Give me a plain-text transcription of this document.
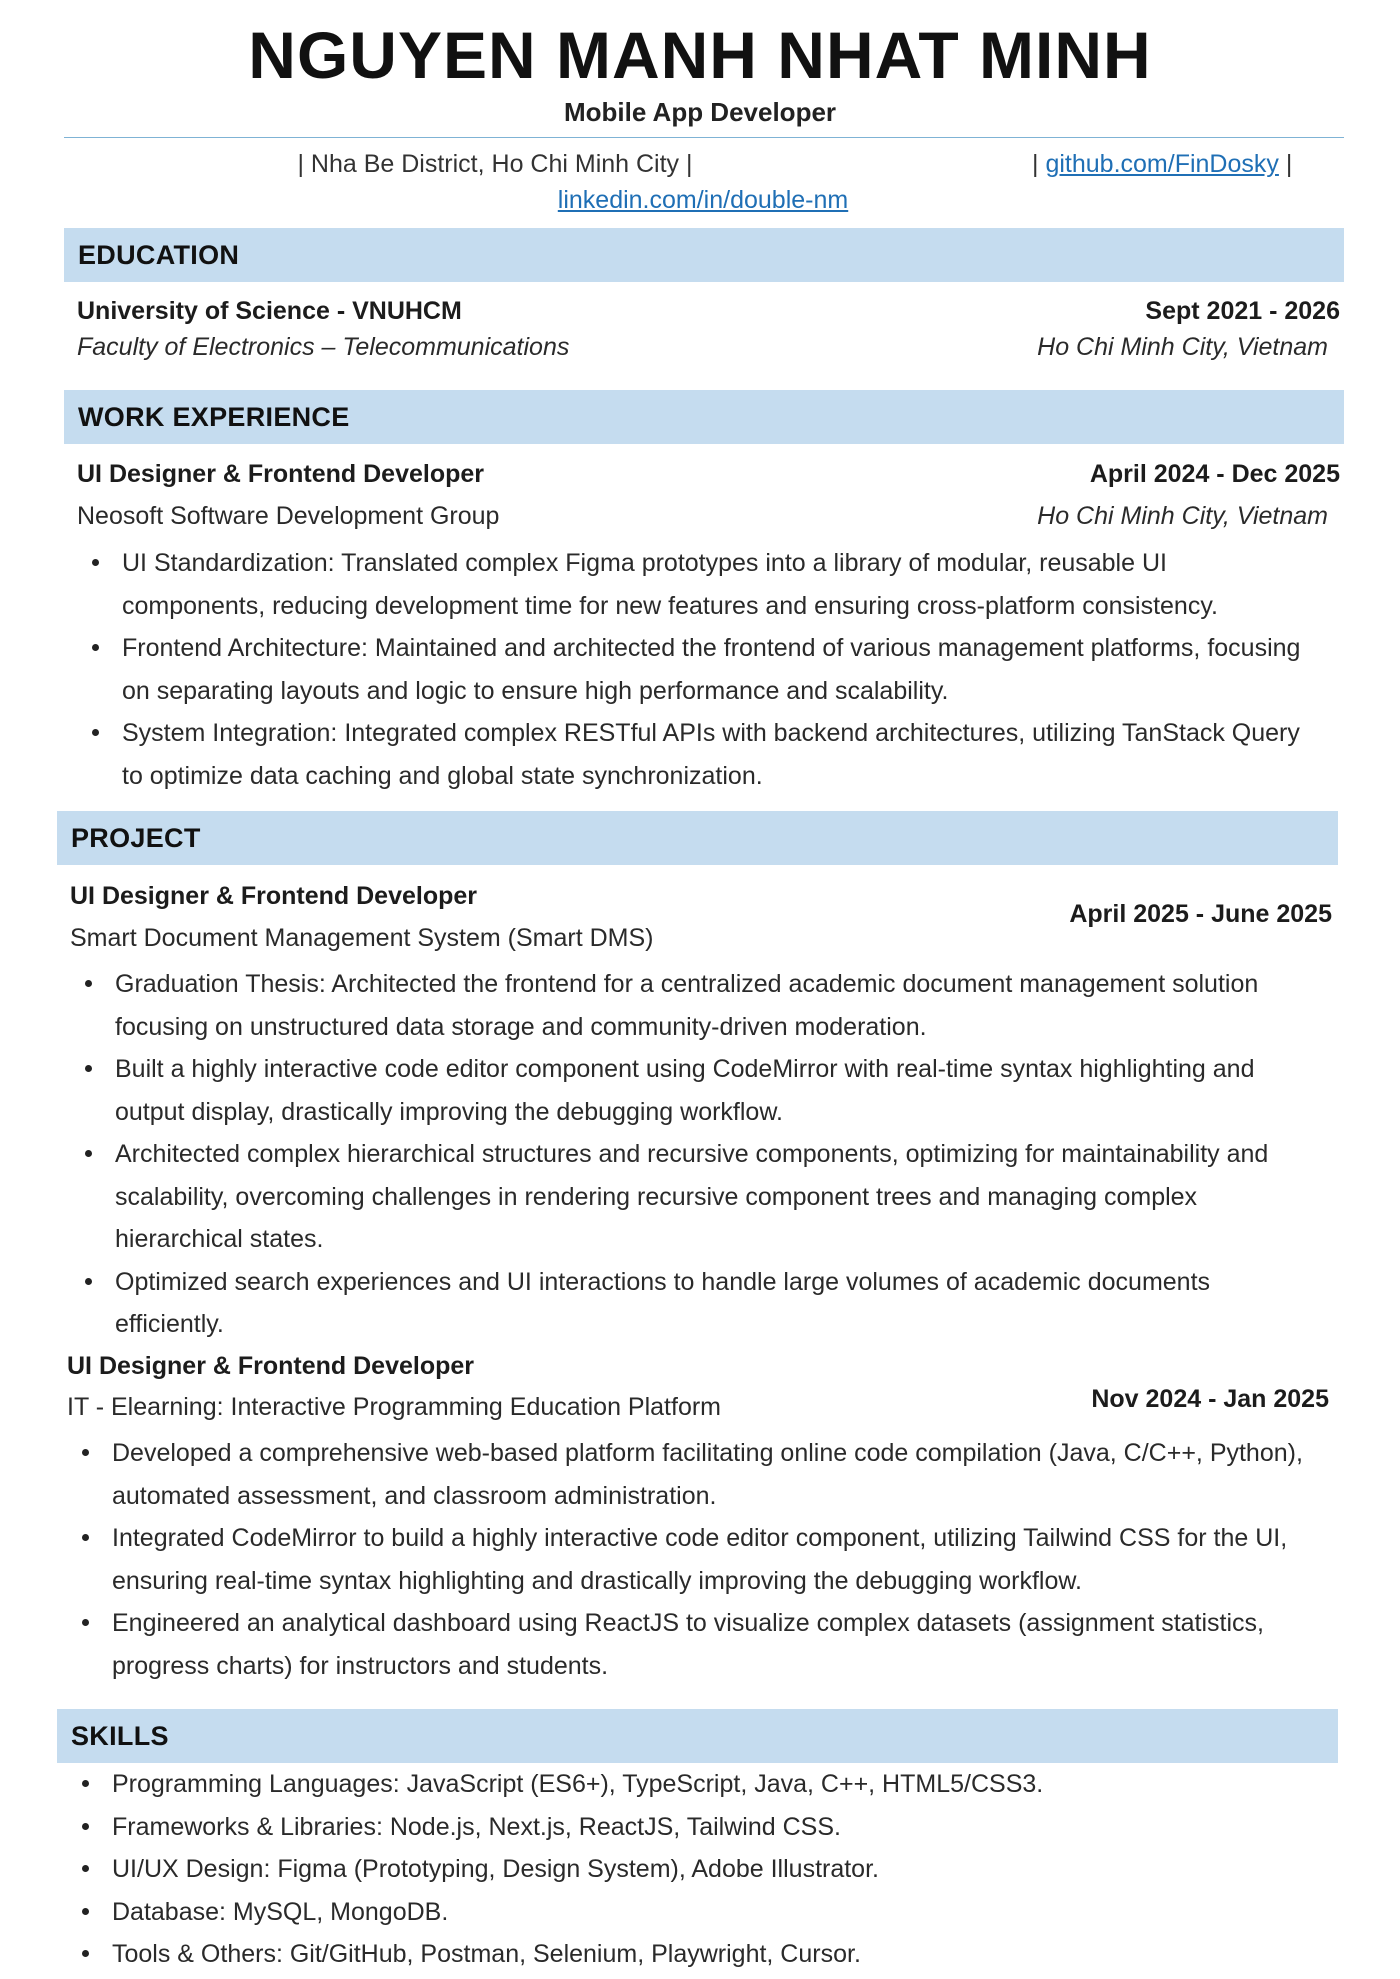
NGUYEN MANH NHAT MINH
Mobile App Developer
| Nha Be District, Ho Chi Minh City |	| github.com/FinDosky |
linkedin.com/in/double-nm
EDUCATION
University of Science - VNUHCM	Sept 2021 - 2026
Faculty of Electronics – Telecommunications	Ho Chi Minh City, Vietnam
WORK EXPERIENCE
UI Designer & Frontend Developer	April 2024 - Dec 2025
Neosoft Software Development Group	Ho Chi Minh City, Vietnam
UI Standardization: Translated complex Figma prototypes into a library of modular, reusable UI components, reducing development time for new features and ensuring cross-platform consistency.
Frontend Architecture: Maintained and architected the frontend of various management platforms, focusing on separating layouts and logic to ensure high performance and scalability.
System Integration: Integrated complex RESTful APIs with backend architectures, utilizing TanStack Query to optimize data caching and global state synchronization.
PROJECT
UI Designer & Frontend Developer
April 2025 - June 2025
Smart Document Management System (Smart DMS)
Graduation Thesis: Architected the frontend for a centralized academic document management solution focusing on unstructured data storage and community-driven moderation.
Built a highly interactive code editor component using CodeMirror with real-time syntax highlighting and output display, drastically improving the debugging workflow.
Architected complex hierarchical structures and recursive components, optimizing for maintainability and scalability, overcoming challenges in rendering recursive component trees and managing complex hierarchical states.
Optimized search experiences and UI interactions to handle large volumes of academic documents efficiently.
UI Designer & Frontend Developer
Nov 2024 - Jan 2025
IT - Elearning: Interactive Programming Education Platform
Developed a comprehensive web-based platform facilitating online code compilation (Java, C/C++, Python), automated assessment, and classroom administration.
Integrated CodeMirror to build a highly interactive code editor component, utilizing Tailwind CSS for the UI, ensuring real-time syntax highlighting and drastically improving the debugging workflow.
Engineered an analytical dashboard using ReactJS to visualize complex datasets (assignment statistics, progress charts) for instructors and students.
SKILLS
Programming Languages: JavaScript (ES6+), TypeScript, Java, C++, HTML5/CSS3.
Frameworks & Libraries: Node.js, Next.js, ReactJS, Tailwind CSS.
UI/UX Design: Figma (Prototyping, Design System), Adobe Illustrator.
Database: MySQL, MongoDB.
Tools & Others: Git/GitHub, Postman, Selenium, Playwright, Cursor.
